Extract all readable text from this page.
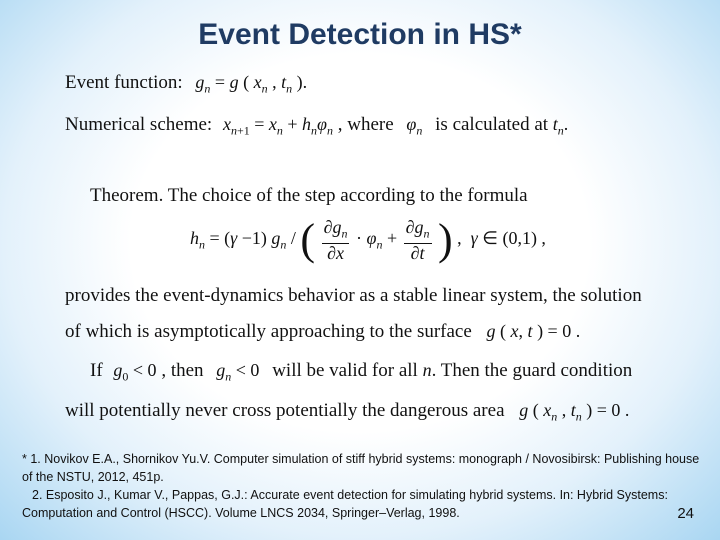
Event Detection in HS*
Event function: $g_n = g$ ( $x_n$ , $t_n$ ).
Numerical scheme: $x_{n+1} = x_n + h_n\varphi_n$ , where $\varphi_n$ is calculated at $t_n$.
Theorem. The choice of the step according to the formula
$h_n = (\gamma -1)$ $g_n$ / ( $\frac{\partial g_n}{\partial x} \cdot \varphi_n + \frac{\partial g_n}{\partial t}$ ) ,  γ ∈ (0,1) ,
provides the event-dynamics behavior as a stable linear system, the solution
of which is asymptotically approaching to the surface g ( x, t ) = 0 .
If $g_0 < 0$ , then $g_n < 0$ will be valid for all n. Then the guard condition
will potentially never cross potentially the dangerous area g ( $x_n$ , $t_n$ ) = 0 .
* 1. Novikov E.A., Shornikov Yu.V. Computer simulation of stiff hybrid systems: monograph / Novosibirsk: Publishing house of the NSTU, 2012, 451p.
2. Esposito J., Kumar V., Pappas, G.J.: Accurate event detection for simulating hybrid systems. In: Hybrid Systems: Computation and Control (HSCC). Volume LNCS 2034, Springer–Verlag, 1998.	24
